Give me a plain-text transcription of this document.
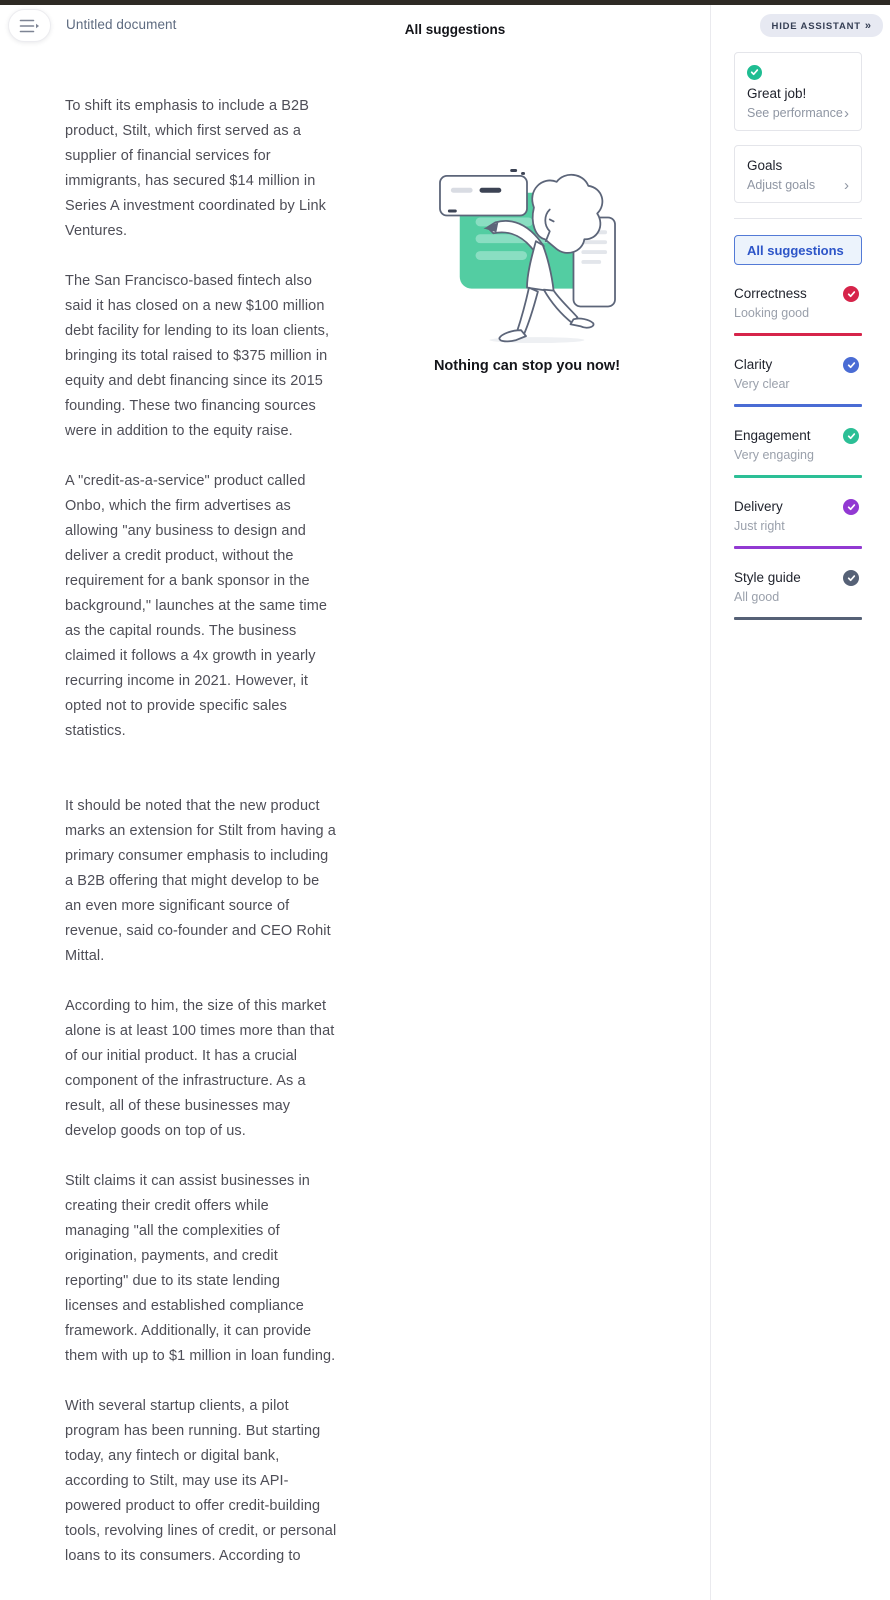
Untitled document	All suggestions

To shift its emphasis to include a B2B product, Stilt, which first served as a supplier of financial services for immigrants, has secured $14 million in Series A investment coordinated by Link Ventures.

The San Francisco-based fintech also said it has closed on a new $100 million debt facility for lending to its loan clients, bringing its total raised to $375 million in equity and debt financing since its 2015 founding. These two financing sources were in addition to the equity raise.

A "credit-as-a-service" product called Onbo, which the firm advertises as allowing "any business to design and deliver a credit product, without the requirement for a bank sponsor in the background," launches at the same time as the capital rounds. The business claimed it follows a 4x growth in yearly recurring income in 2021. However, it opted not to provide specific sales statistics.

It should be noted that the new product marks an extension for Stilt from having a primary consumer emphasis to including a B2B offering that might develop to be an even more significant source of revenue, said co-founder and CEO Rohit Mittal.

According to him, the size of this market alone is at least 100 times more than that of our initial product. It has a crucial component of the infrastructure. As a result, all of these businesses may develop goods on top of us.

Stilt claims it can assist businesses in creating their credit offers while managing "all the complexities of origination, payments, and credit reporting" due to its state lending licenses and established compliance framework. Additionally, it can provide them with up to $1 million in loan funding.

With several startup clients, a pilot program has been running. But starting today, any fintech or digital bank, according to Stilt, may use its API-powered product to offer credit-building tools, revolving lines of credit, or personal loans to its consumers. According to

Nothing can stop you now!
HIDE ASSISTANT »
Great job!
See performance ›
Goals
Adjust goals ›
All suggestions
Correctness
Looking good
Clarity
Very clear
Engagement
Very engaging
Delivery
Just right
Style guide
All good
